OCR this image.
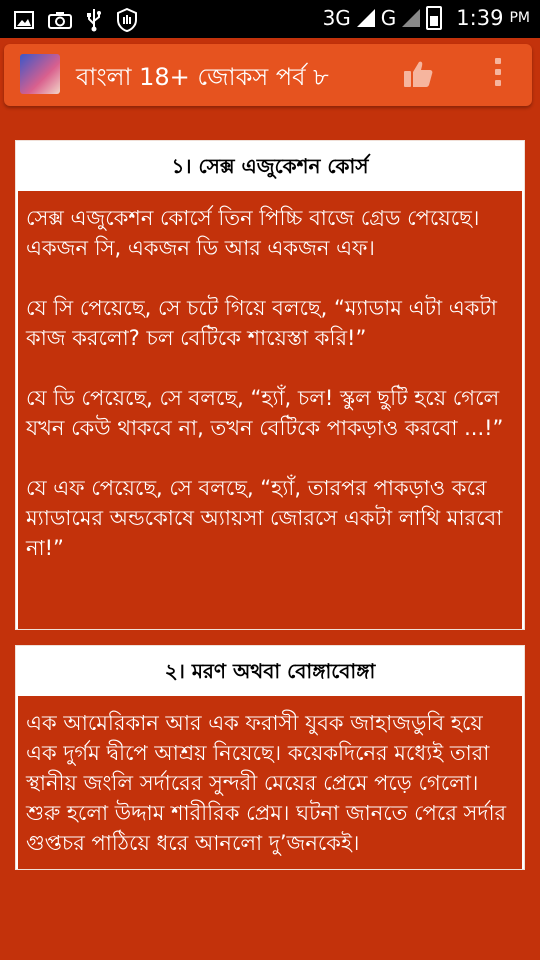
3G G	1:39 PM
বাংলা 18+ জোকস পর্ব ৮
১। সেক্স এজুকেশন কোর্স

সেক্স এজুকেশন কোর্সে তিন পিচ্চি বাজে গ্রেড পেয়েছে। একজন সি, একজন ডি আর একজন এফ।

যে সি পেয়েছে, সে চটে গিয়ে বলছে, “ম্যাডাম এটা একটা কাজ করলো? চল বেটিকে শায়েস্তা করি!”

যে ডি পেয়েছে, সে বলছে, “হ্যাঁ, চল! স্কুল ছুটি হয়ে গেলে যখন কেউ থাকবে না, তখন বেটিকে পাকড়াও করবো ...!”

যে এফ পেয়েছে, সে বলছে, “হ্যাঁ, তারপর পাকড়াও করে ম্যাডামের অন্ডকোষে অ্যায়সা জোরসে একটা লাথি মারবো না!”

২। মরণ অথবা বোঙ্গাবোঙ্গা

এক আমেরিকান আর এক ফরাসী যুবক জাহাজডুবি হয়ে এক দুর্গম দ্বীপে আশ্রয় নিয়েছে। কয়েকদিনের মধ্যেই তারা স্থানীয় জংলি সর্দারের সুন্দরী মেয়ের প্রেমে পড়ে গেলো। শুরু হলো উদ্দাম শারীরিক প্রেম। ঘটনা জানতে পেরে সর্দার গুপ্তচর পাঠিয়ে ধরে আনলো দু’জনকেই।
